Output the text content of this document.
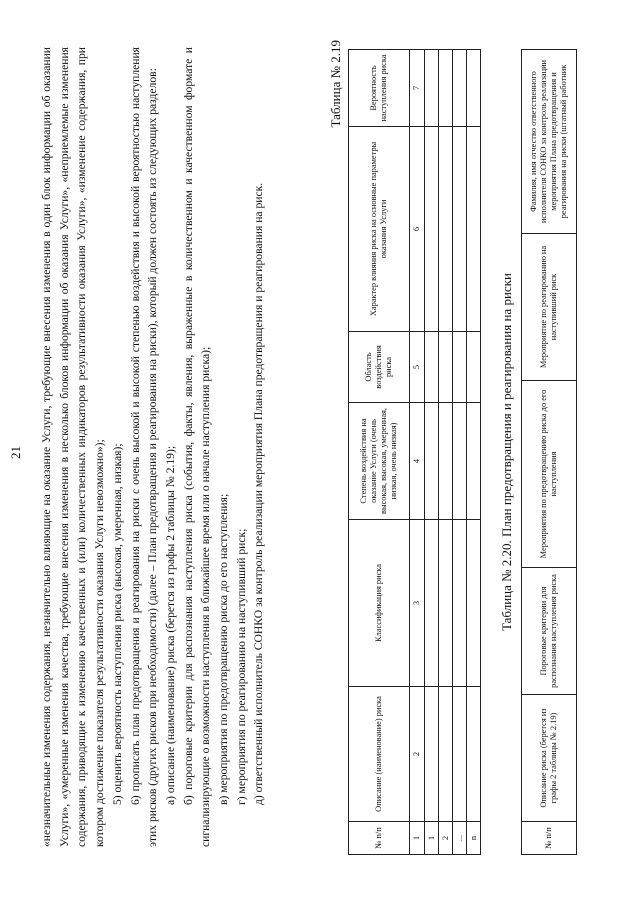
21 «незначительные изменения содержания, незначительно влияющие на оказание Услуги, требующие внесения изменения в один блок информации об оказании Услуги», «умеренные изменения качества, требующие внесения изменения в несколько блоков информации об оказания Услуги», «неприемлемые изменения содержания, приводящие к изменению качественных и (или) количественных индикаторов результативности оказания Услуги», «изменение содержания, при котором достижение показателя результативности оказания Услуги невозможно»); 5) оценить вероятность наступления риска (высокая, умеренная, низкая); 6) прописать план предотвращения и реагирования на риски с очень высокой и высокой степенью воздействия и высокой вероятностью наступления этих рисков (других рисков при необходимости) (далее – План предотвращения и реагирования на риски), который должен состоять из следующих разделов: а) описание (наименование) риска (берется из графы 2 таблицы № 2.19); б) пороговые критерии для распознания наступления риска (события, факты, явления, выраженные в количественном и качественном формате и сигнализирующие о возможности наступления в ближайшее время или о начале наступления риска); в) мероприятия по предотвращению риска до его наступления; г) мероприятия по реагированию на наступивший риск; д) ответственный исполнитель СОНКО за контроль реализации мероприятия Плана предотвращения и реагирования на риск.

Таблица № 2.19
№ п/п	Описание (наименование) риска	Классификация риска	Степень воздействия на оказание Услуги (очень высокая, высокая, умеренная, низкая, очень низкая)	Область воздействия риска	Характер влияния риска на основные параметры оказания Услуги	Вероятность наступления риска
1	2	3	4	5	6	7
1						
2						
...						
n						
Таблица № 2.20. План предотвращения и реагирования на риски
№ п/п	Описание риска (берется из графы 2 таблицы № 2.19)	Пороговые критерии для распознания наступления риска	Мероприятия по предотвращению риска до его наступления	Мероприятие по реагированию на наступивший риск	Фамилия, имя отчество ответственного исполнителя СОНКО за контроль реализации мероприятия Плана предотвращения и реагирования на риски (штатный работник
